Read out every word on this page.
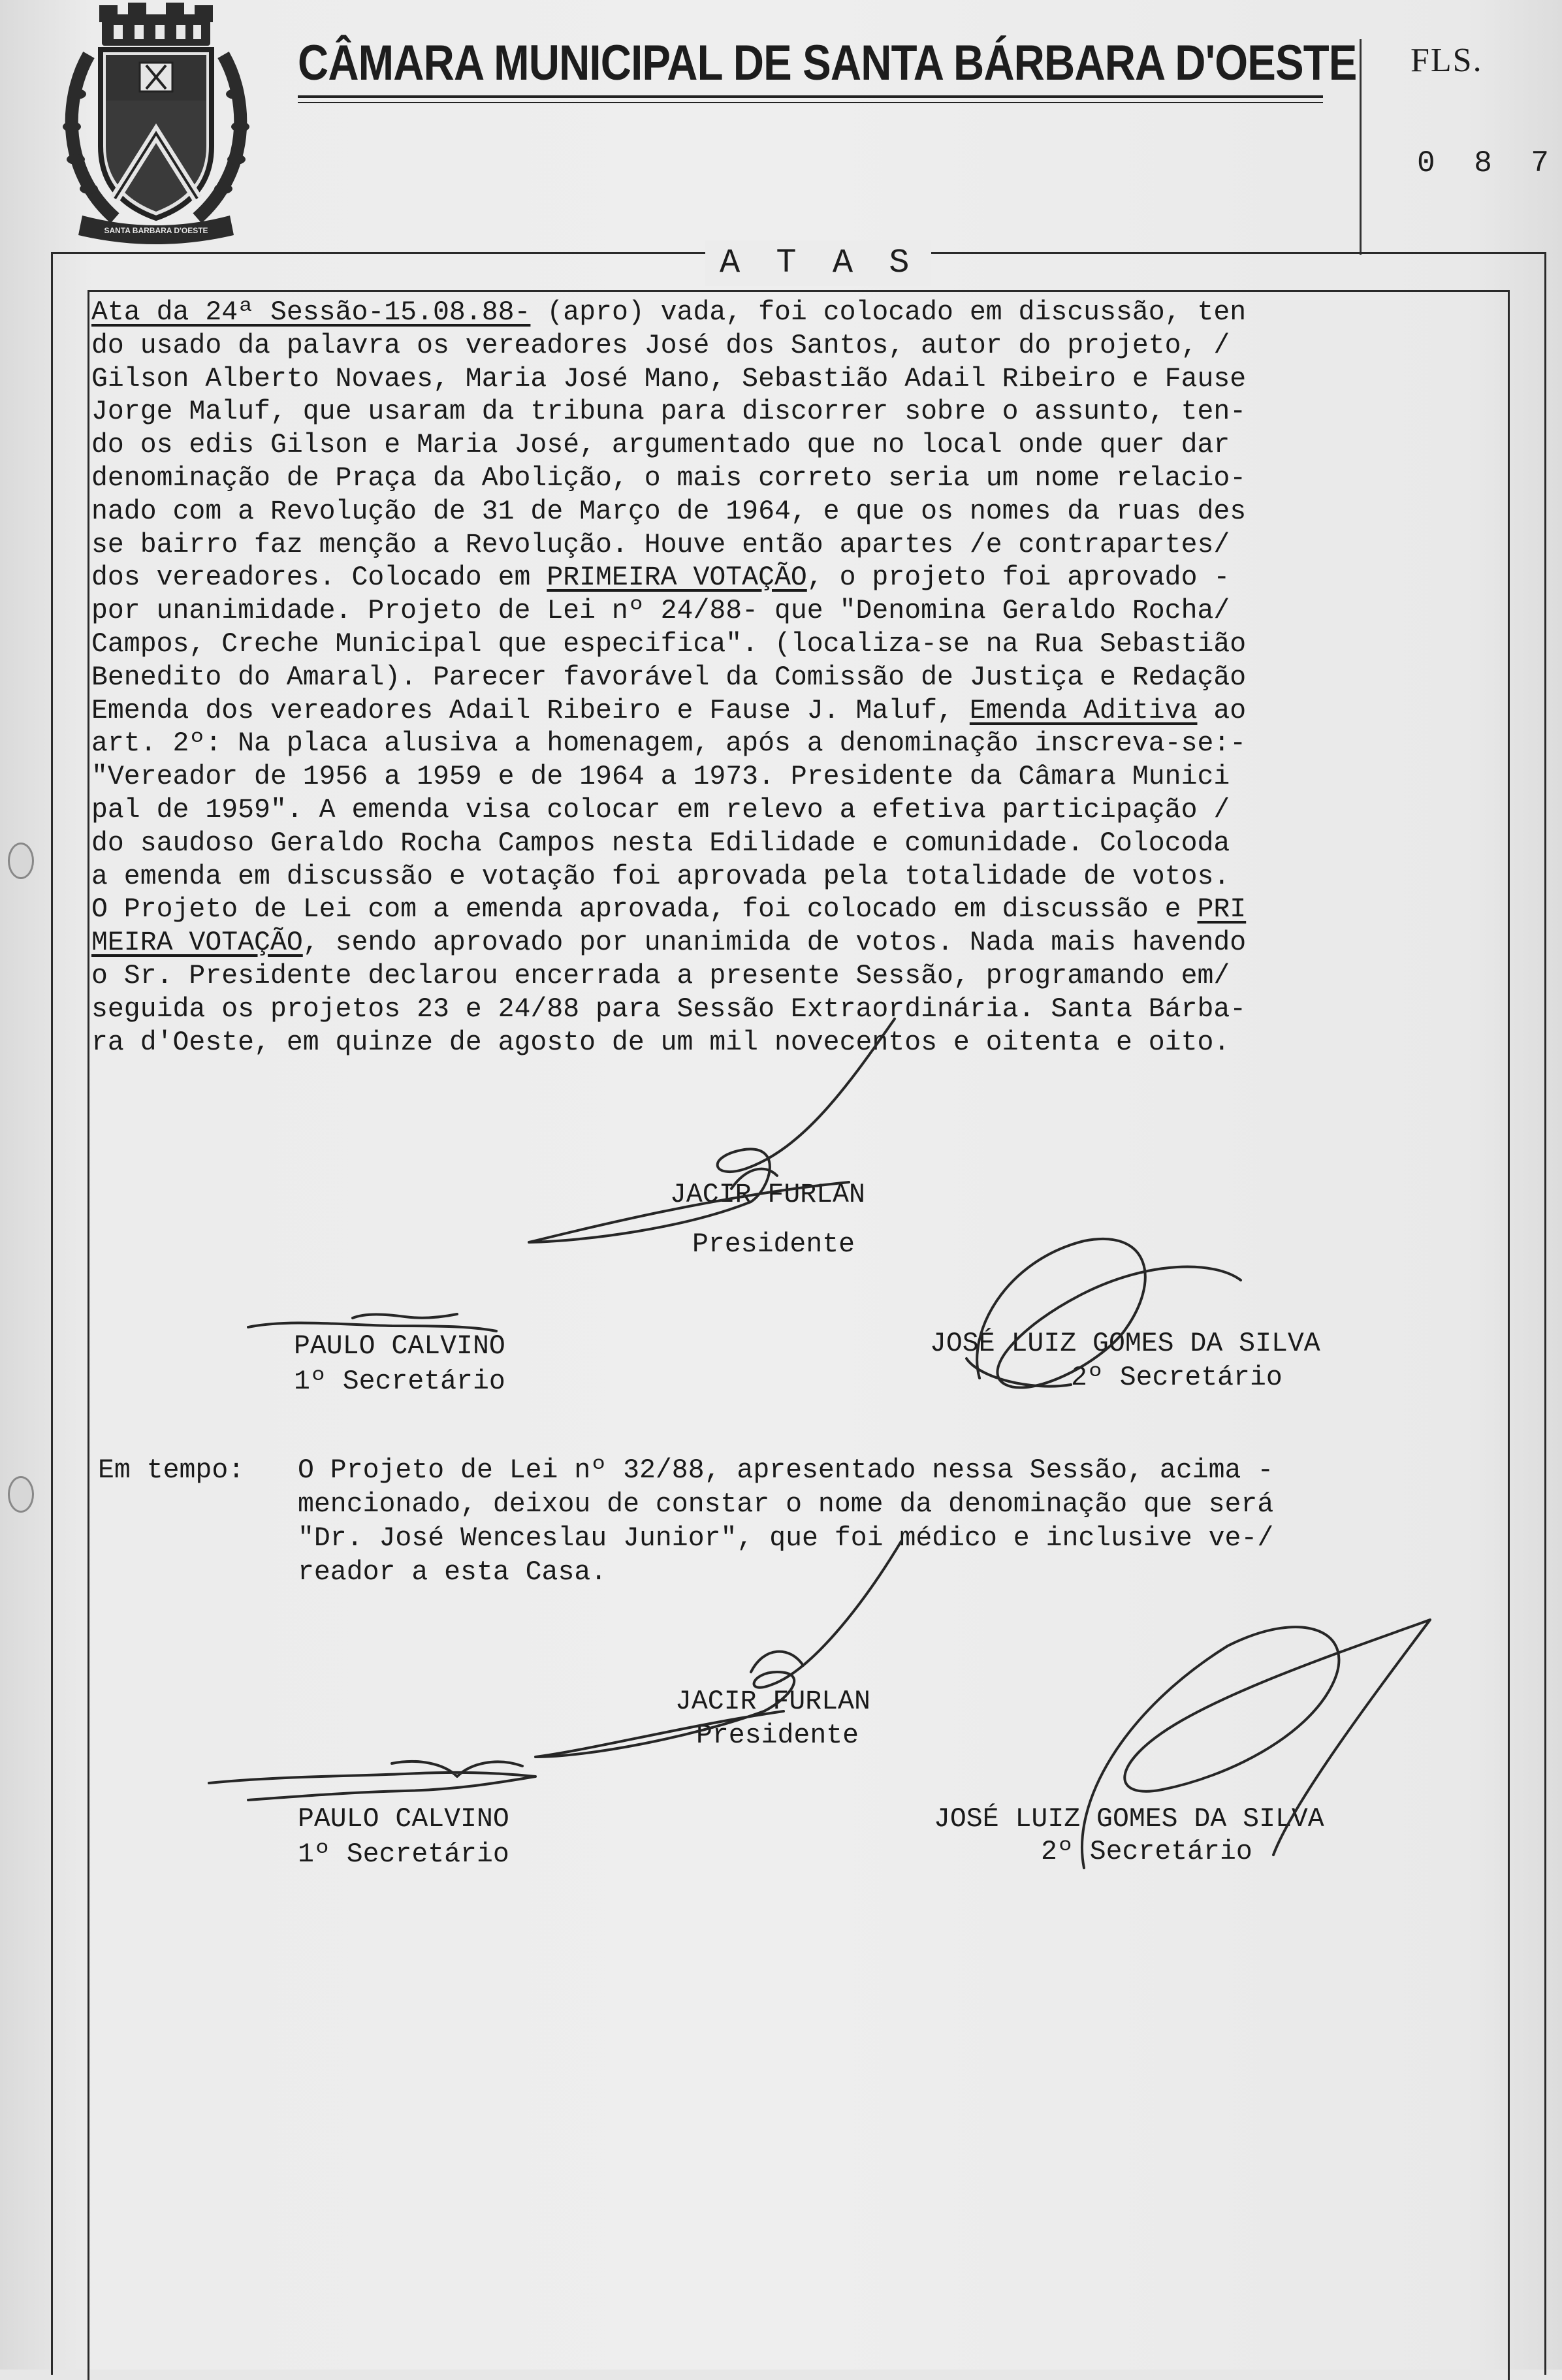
SANTA BARBARA D'OESTE
CÂMARA MUNICIPAL DE SANTA BÁRBARA D'OESTE FLS.
0 8 7
A T A S
Ata da 24ª Sessão-15.08.88- (apro) vada, foi colocado em discussão, ten
do usado da palavra os vereadores José dos Santos, autor do projeto, /
Gilson Alberto Novaes, Maria José Mano, Sebastião Adail Ribeiro e Fause
Jorge Maluf, que usaram da tribuna para discorrer sobre o assunto, ten-
do os edis Gilson e Maria José, argumentado que no local onde quer dar
denominação de Praça da Abolição, o mais correto seria um nome relacio-
nado com a Revolução de 31 de Março de 1964, e que os nomes da ruas des
se bairro faz menção a Revolução. Houve então apartes /e contrapartes/
dos vereadores. Colocado em PRIMEIRA VOTAÇÃO, o projeto foi aprovado -
por unanimidade. Projeto de Lei nº 24/88- que "Denomina Geraldo Rocha/
Campos, Creche Municipal que especifica". (localiza-se na Rua Sebastião
Benedito do Amaral). Parecer favorável da Comissão de Justiça e Redação
Emenda dos vereadores Adail Ribeiro e Fause J. Maluf, Emenda Aditiva ao
art. 2º: Na placa alusiva a homenagem, após a denominação inscreva-se:-
"Vereador de 1956 a 1959 e de 1964 a 1973. Presidente da Câmara Munici
pal de 1959". A emenda visa colocar em relevo a efetiva participação /
do saudoso Geraldo Rocha Campos nesta Edilidade e comunidade. Colocoda
a emenda em discussão e votação foi aprovada pela totalidade de votos.
O Projeto de Lei com a emenda aprovada, foi colocado em discussão e PRI
MEIRA VOTAÇÃO, sendo aprovado por unanimida de votos. Nada mais havendo
o Sr. Presidente declarou encerrada a presente Sessão, programando em/
seguida os projetos 23 e 24/88 para Sessão Extraordinária. Santa Bárba-
ra d'Oeste, em quinze de agosto de um mil novecentos e oitenta e oito.
JACIR FURLAN
Presidente
PAULO CALVINO
1º Secretário
JOSÉ LUIZ GOMES DA SILVA
2º Secretário
Em tempo: O Projeto de Lei nº 32/88, apresentado nessa Sessão, acima -
mencionado, deixou de constar o nome da denominação que será
"Dr. José Wenceslau Junior", que foi médico e inclusive ve-/
reador a esta Casa.
JACIR FURLAN
Presidente
PAULO CALVINO
1º Secretário
JOSÉ LUIZ GOMES DA SILVA
2º Secretário
